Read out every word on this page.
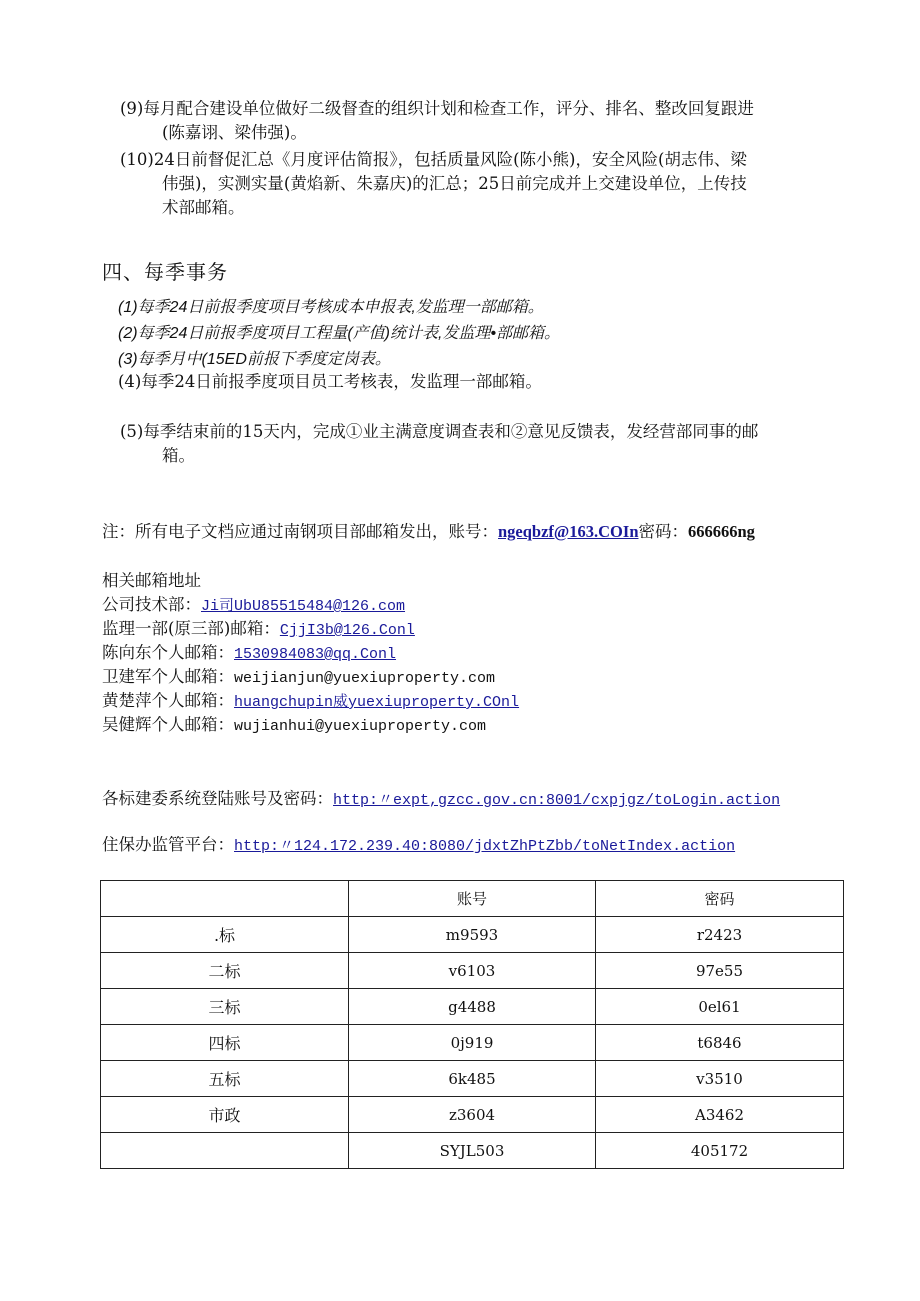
(9)每月配合建设单位做好二级督查的组织计划和检查工作，评分、排名、整改回复跟进
(陈嘉诩、梁伟强)。
(10)24日前督促汇总《月度评估简报》，包括质量风险(陈小熊)，安全风险(胡志伟、梁
伟强)，实测实量(黄焰新、朱嘉庆)的汇总；25日前完成并上交建设单位，上传技
术部邮箱。
四、每季事务
(1)每季24日前报季度项目考核成本申报表,发监理一部邮箱。
(2)每季24日前报季度项目工程量(产值)统计表,发监理•部邮箱。
(3)每季月中(15ED前报下季度定岗表。
(4)每季24日前报季度项目员工考核表，发监理一部邮箱。
(5)每季结束前的15天内，完成①业主满意度调查表和②意见反馈表，发经营部同事的邮
箱。
注：所有电子文档应通过南钢项目部邮箱发出，账号：ngeqbzf@163.COIn密码：666666ng
相关邮箱地址
公司技术部：Ji司UbU85515484@126.com
监理一部(原三部)邮箱：CjjI3b@126.Conl
陈向东个人邮箱：1530984083@qq.Conl
卫建军个人邮箱：weijianjun@yuexiuproperty.com
黄楚萍个人邮箱：huangchupin威yuexiuproperty.COnl
吴健辉个人邮箱：wujianhui@yuexiuproperty.com
各标建委系统登陆账号及密码：http:〃expt,gzcc.gov.cn:8001/cxpjgz/toLogin.action
住保办监管平台：http:〃124.172.239.40:8080/jdxtZhPtZbb/toNetIndex.action
	账号	密码
.标	m9593	r2423
二标	v6103	97e55
三标	g4488	0el61
四标	0j919	t6846
五标	6k485	v3510
市政	z3604	A3462
	SYJL503	405172
